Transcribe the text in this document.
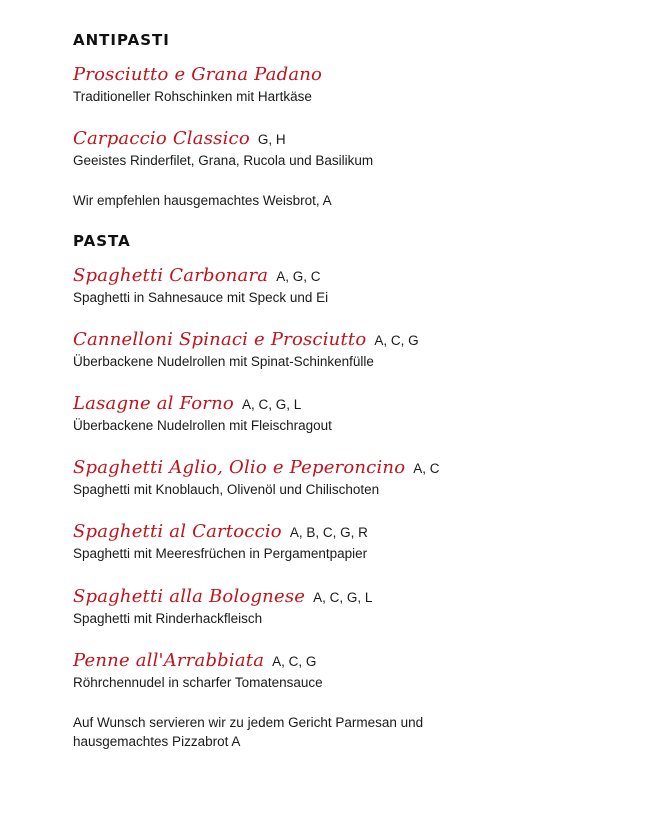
ANTIPASTI
Prosciutto e Grana Padano
Traditioneller Rohschinken mit Hartkäse
Carpaccio Classico G, H
Geeistes Rinderfilet, Grana, Rucola und Basilikum
Wir empfehlen hausgemachtes Weisbrot, A
PASTA
Spaghetti Carbonara A, G, C
Spaghetti in Sahnesauce mit Speck und Ei
Cannelloni Spinaci e Prosciutto A, C, G
Überbackene Nudelrollen mit Spinat-Schinkenfülle
Lasagne al Forno A, C, G, L
Überbackene Nudelrollen mit Fleischragout
Spaghetti Aglio, Olio e Peperoncino A, C
Spaghetti mit Knoblauch, Olivenöl und Chilischoten
Spaghetti al Cartoccio A, B, C, G, R
Spaghetti mit Meeresfrüchen in Pergamentpapier
Spaghetti alla Bolognese A, C, G, L
Spaghetti mit Rinderhackfleisch
Penne all'Arrabbiata A, C, G
Röhrchennudel in scharfer Tomatensauce
Auf Wunsch servieren wir zu jedem Gericht Parmesan und hausgemachtes Pizzabrot A
